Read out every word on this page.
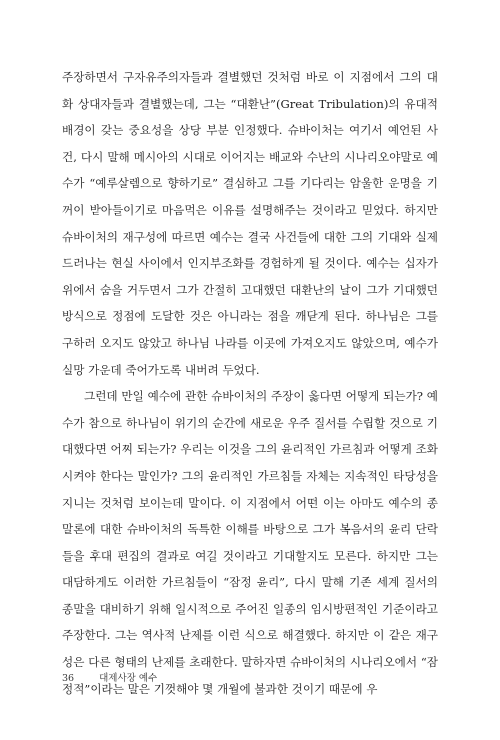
주장하면서 구자유주의자들과 결별했던 것처럼 바로 이 지점에서 그의 대화 상대자들과 결별했는데, 그는 “대환난”(Great Tribulation)의 유대적 배경이 갖는 중요성을 상당 부분 인정했다. 슈바이처는 여기서 예언된 사건, 다시 말해 메시아의 시대로 이어지는 배교와 수난의 시나리오야말로 예수가 “예루살렘으로 향하기로” 결심하고 그를 기다리는 암울한 운명을 기꺼이 받아들이기로 마음먹은 이유를 설명해주는 것이라고 믿었다. 하지만 슈바이처의 재구성에 따르면 예수는 결국 사건들에 대한 그의 기대와 실제 드러나는 현실 사이에서 인지부조화를 경험하게 될 것이다. 예수는 십자가 위에서 숨을 거두면서 그가 간절히 고대했던 대환난의 날이 그가 기대했던 방식으로 정점에 도달한 것은 아니라는 점을 깨닫게 된다. 하나님은 그를 구하러 오지도 않았고 하나님 나라를 이곳에 가져오지도 않았으며, 예수가 실망 가운데 죽어가도록 내버려 두었다.

그런데 만일 예수에 관한 슈바이처의 주장이 옳다면 어떻게 되는가? 예수가 참으로 하나님이 위기의 순간에 새로운 우주 질서를 수립할 것으로 기대했다면 어찌 되는가? 우리는 이것을 그의 윤리적인 가르침과 어떻게 조화시켜야 한다는 말인가? 그의 윤리적인 가르침들 자체는 지속적인 타당성을 지니는 것처럼 보이는데 말이다. 이 지점에서 어떤 이는 아마도 예수의 종말론에 대한 슈바이처의 독특한 이해를 바탕으로 그가 복음서의 윤리 단락들을 후대 편집의 결과로 여길 것이라고 기대할지도 모른다. 하지만 그는 대담하게도 이러한 가르침들이 “잠정 윤리”, 다시 말해 기존 세계 질서의 종말을 대비하기 위해 일시적으로 주어진 일종의 임시방편적인 기준이라고 주장한다. 그는 역사적 난제를 이런 식으로 해결했다. 하지만 이 같은 재구성은 다른 형태의 난제를 초래한다. 말하자면 슈바이처의 시나리오에서 “잠정적”이라는 말은 기껏해야 몇 개월에 불과한 것이기 때문에 우

36	대제사장 예수
